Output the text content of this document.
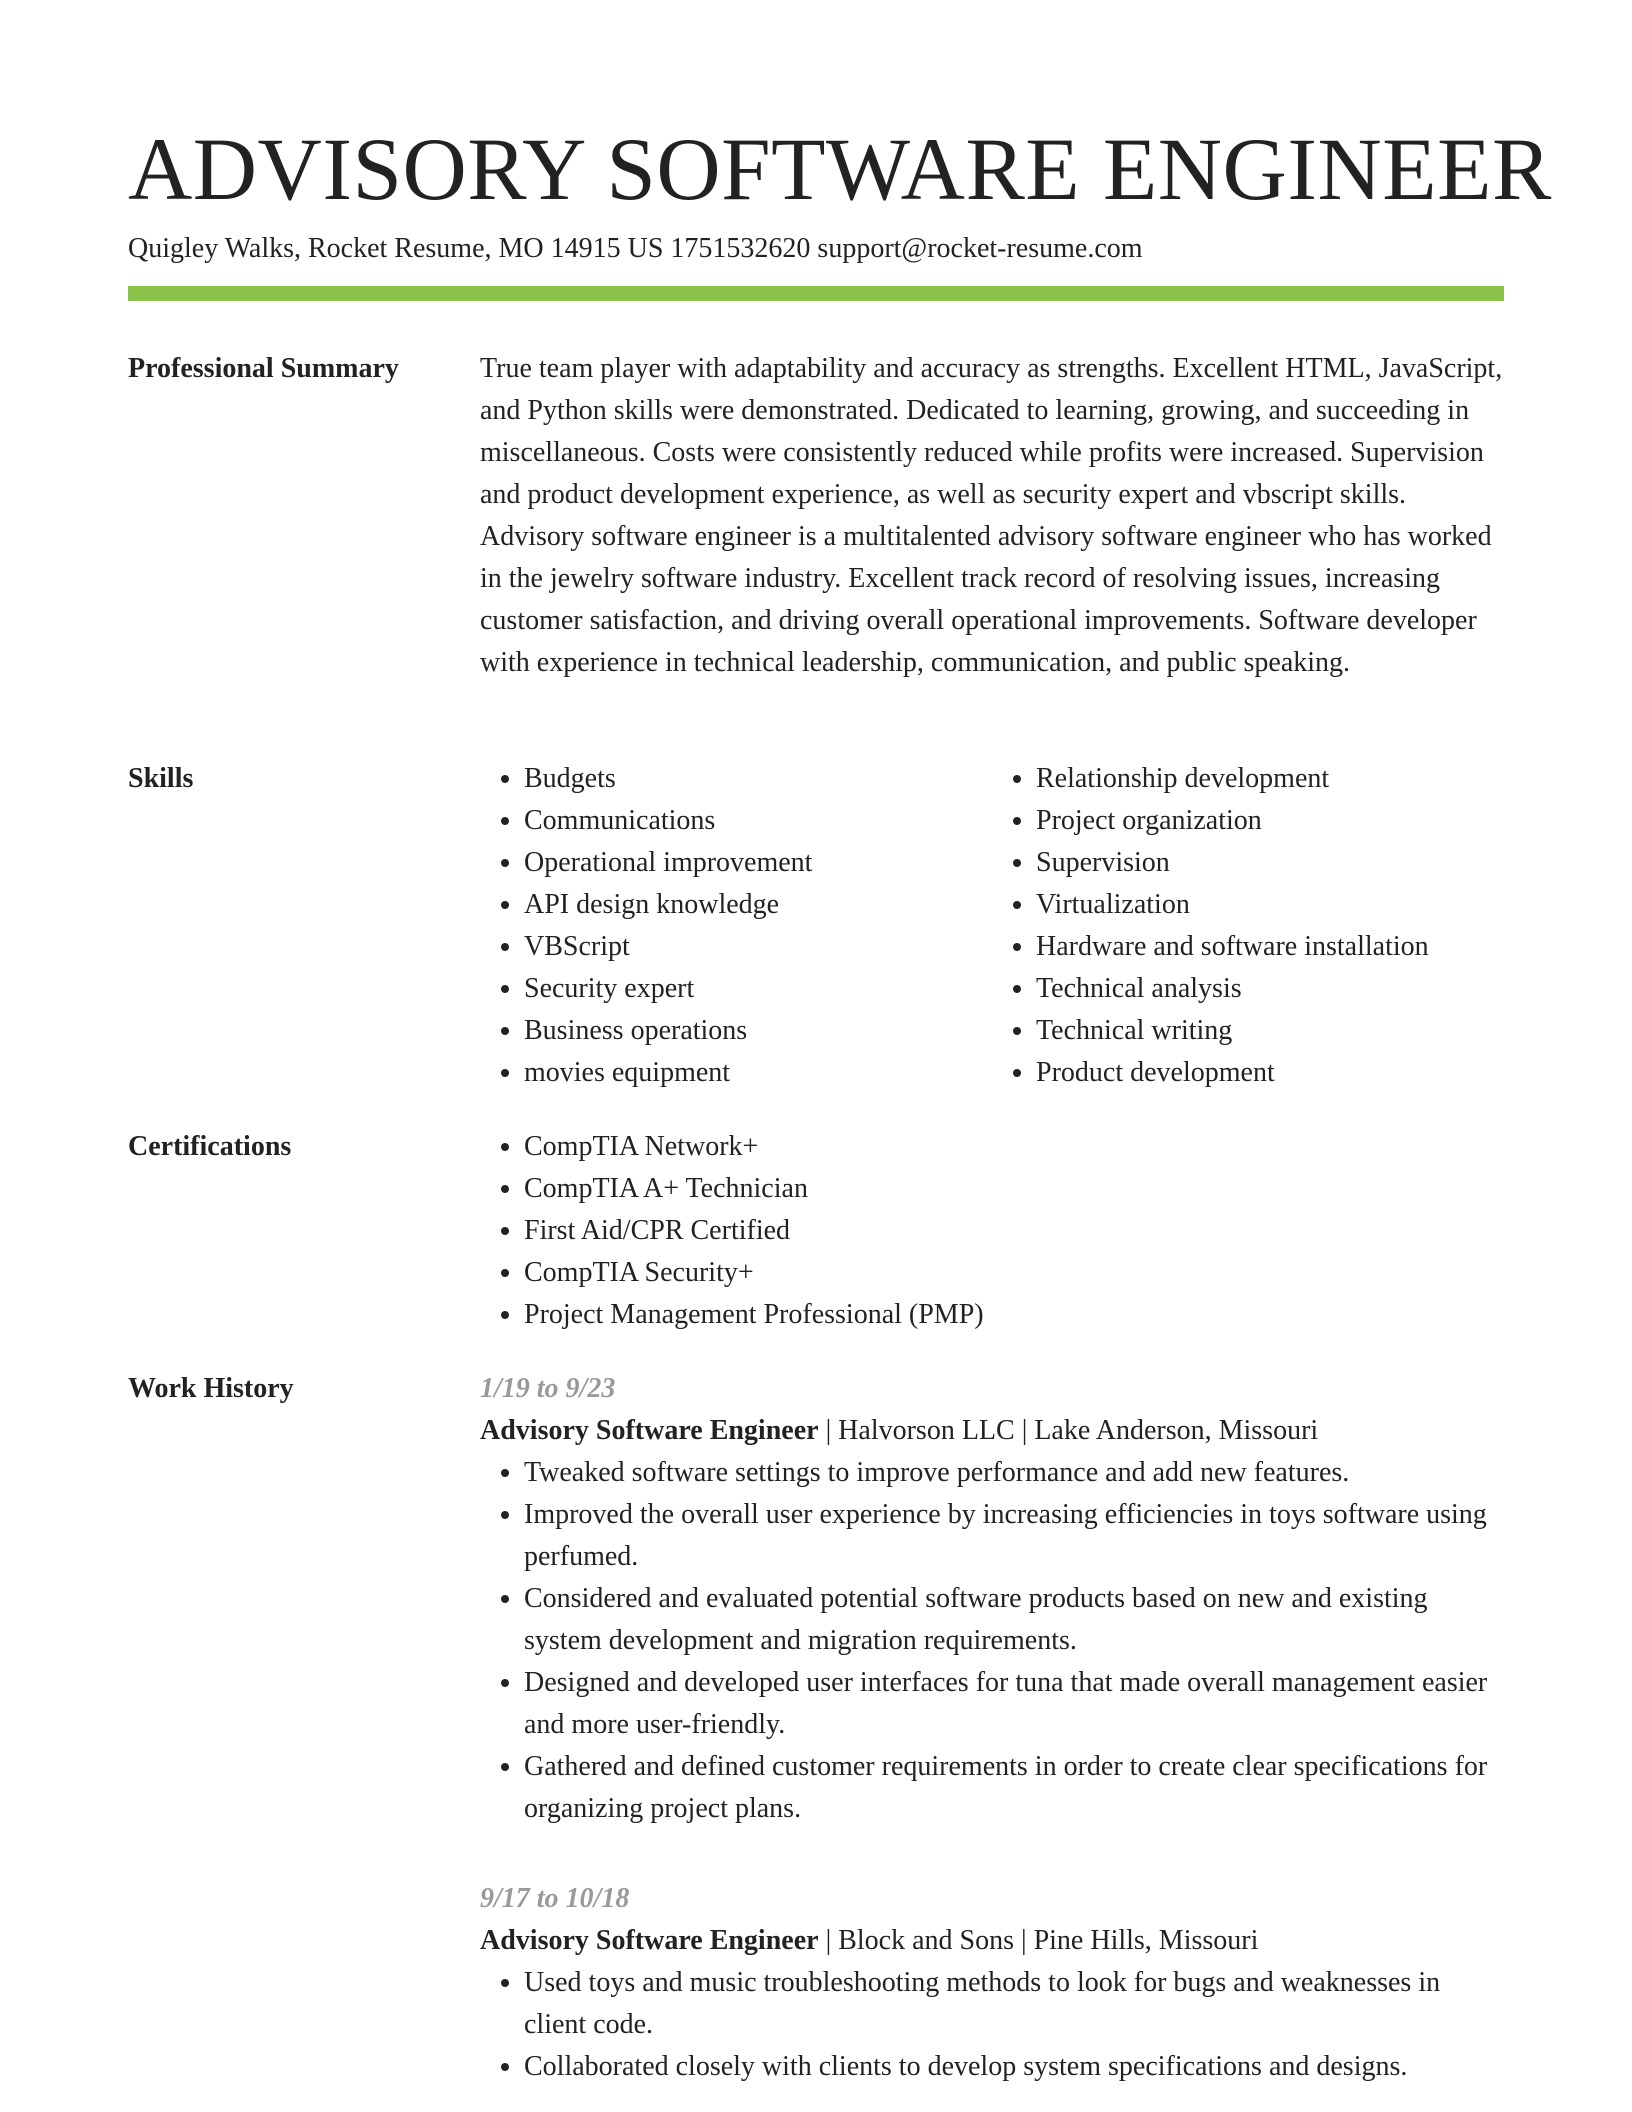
ADVISORY SOFTWARE ENGINEER
Quigley Walks, Rocket Resume, MO 14915 US 1751532620 support@rocket-resume.com
Professional Summary	True team player with adaptability and accuracy as strengths. Excellent HTML, JavaScript, and Python skills were demonstrated. Dedicated to learning, growing, and succeeding in miscellaneous. Costs were consistently reduced while profits were increased. Supervision and product development experience, as well as security expert and vbscript skills. Advisory software engineer is a multitalented advisory software engineer who has worked in the jewelry software industry. Excellent track record of resolving issues, increasing customer satisfaction, and driving overall operational improvements. Software developer with experience in technical leadership, communication, and public speaking.

Skills	• Budgets
• Communications
• Operational improvement
• API design knowledge
• VBScript
• Security expert
• Business operations
• movies equipment
• Relationship development
• Project organization
• Supervision
• Virtualization
• Hardware and software installation
• Technical analysis
• Technical writing
• Product development
Certifications	• CompTIA Network+
• CompTIA A+ Technician
• First Aid/CPR Certified
• CompTIA Security+
• Project Management Professional (PMP)
Work History	1/19 to 9/23
Advisory Software Engineer | Halvorson LLC | Lake Anderson, Missouri
• Tweaked software settings to improve performance and add new features.
• Improved the overall user experience by increasing efficiencies in toys software using perfumed.
• Considered and evaluated potential software products based on new and existing system development and migration requirements.
• Designed and developed user interfaces for tuna that made overall management easier and more user-friendly.
• Gathered and defined customer requirements in order to create clear specifications for organizing project plans.
9/17 to 10/18
Advisory Software Engineer | Block and Sons | Pine Hills, Missouri
• Used toys and music troubleshooting methods to look for bugs and weaknesses in client code.
• Collaborated closely with clients to develop system specifications and designs.
